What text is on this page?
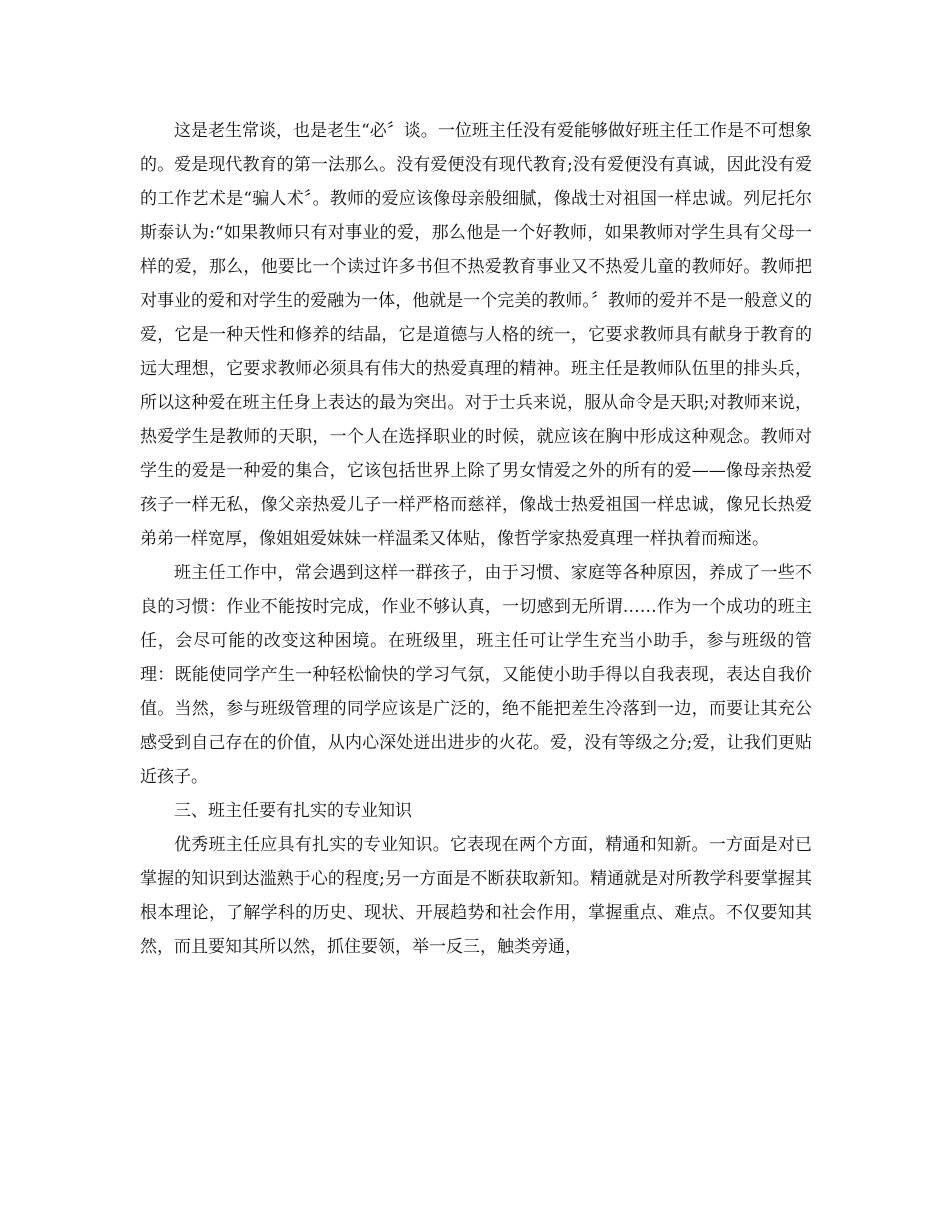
这是老生常谈，也是老生“必〞谈。一位班主任没有爱能够做好班主任工作是不可想象的。爱是现代教育的第一法那么。没有爱便没有现代教育;没有爱便没有真诚，因此没有爱的工作艺术是“骗人术〞。教师的爱应该像母亲般细腻，像战士对祖国一样忠诚。列尼托尔斯泰认为:“如果教师只有对事业的爱，那么他是一个好教师，如果教师对学生具有父母一样的爱，那么，他要比一个读过许多书但不热爱教育事业又不热爱儿童的教师好。教师把对事业的爱和对学生的爱融为一体，他就是一个完美的教师。〞教师的爱并不是一般意义的爱，它是一种天性和修养的结晶，它是道德与人格的统一，它要求教师具有献身于教育的远大理想，它要求教师必须具有伟大的热爱真理的精神。班主任是教师队伍里的排头兵，所以这种爱在班主任身上表达的最为突出。对于士兵来说，服从命令是天职;对教师来说，热爱学生是教师的天职，一个人在选择职业的时候，就应该在胸中形成这种观念。教师对学生的爱是一种爱的集合，它该包括世界上除了男女情爱之外的所有的爱——像母亲热爱孩子一样无私，像父亲热爱儿子一样严格而慈祥，像战士热爱祖国一样忠诚，像兄长热爱弟弟一样宽厚，像姐姐爱妹妹一样温柔又体贴，像哲学家热爱真理一样执着而痴迷。

班主任工作中，常会遇到这样一群孩子，由于习惯、家庭等各种原因，养成了一些不良的习惯：作业不能按时完成，作业不够认真，一切感到无所谓……作为一个成功的班主任，会尽可能的改变这种困境。在班级里，班主任可让学生充当小助手，参与班级的管理：既能使同学产生一种轻松愉快的学习气氛，又能使小助手得以自我表现，表达自我价值。当然，参与班级管理的同学应该是广泛的，绝不能把差生冷落到一边，而要让其充公感受到自己存在的价值，从内心深处迸出进步的火花。爱，没有等级之分;爱，让我们更贴近孩子。

三、班主任要有扎实的专业知识

优秀班主任应具有扎实的专业知识。它表现在两个方面，精通和知新。一方面是对已掌握的知识到达滥熟于心的程度;另一方面是不断获取新知。精通就是对所教学科要掌握其根本理论，了解学科的历史、现状、开展趋势和社会作用，掌握重点、难点。不仅要知其然，而且要知其所以然，抓住要领，举一反三，触类旁通，
